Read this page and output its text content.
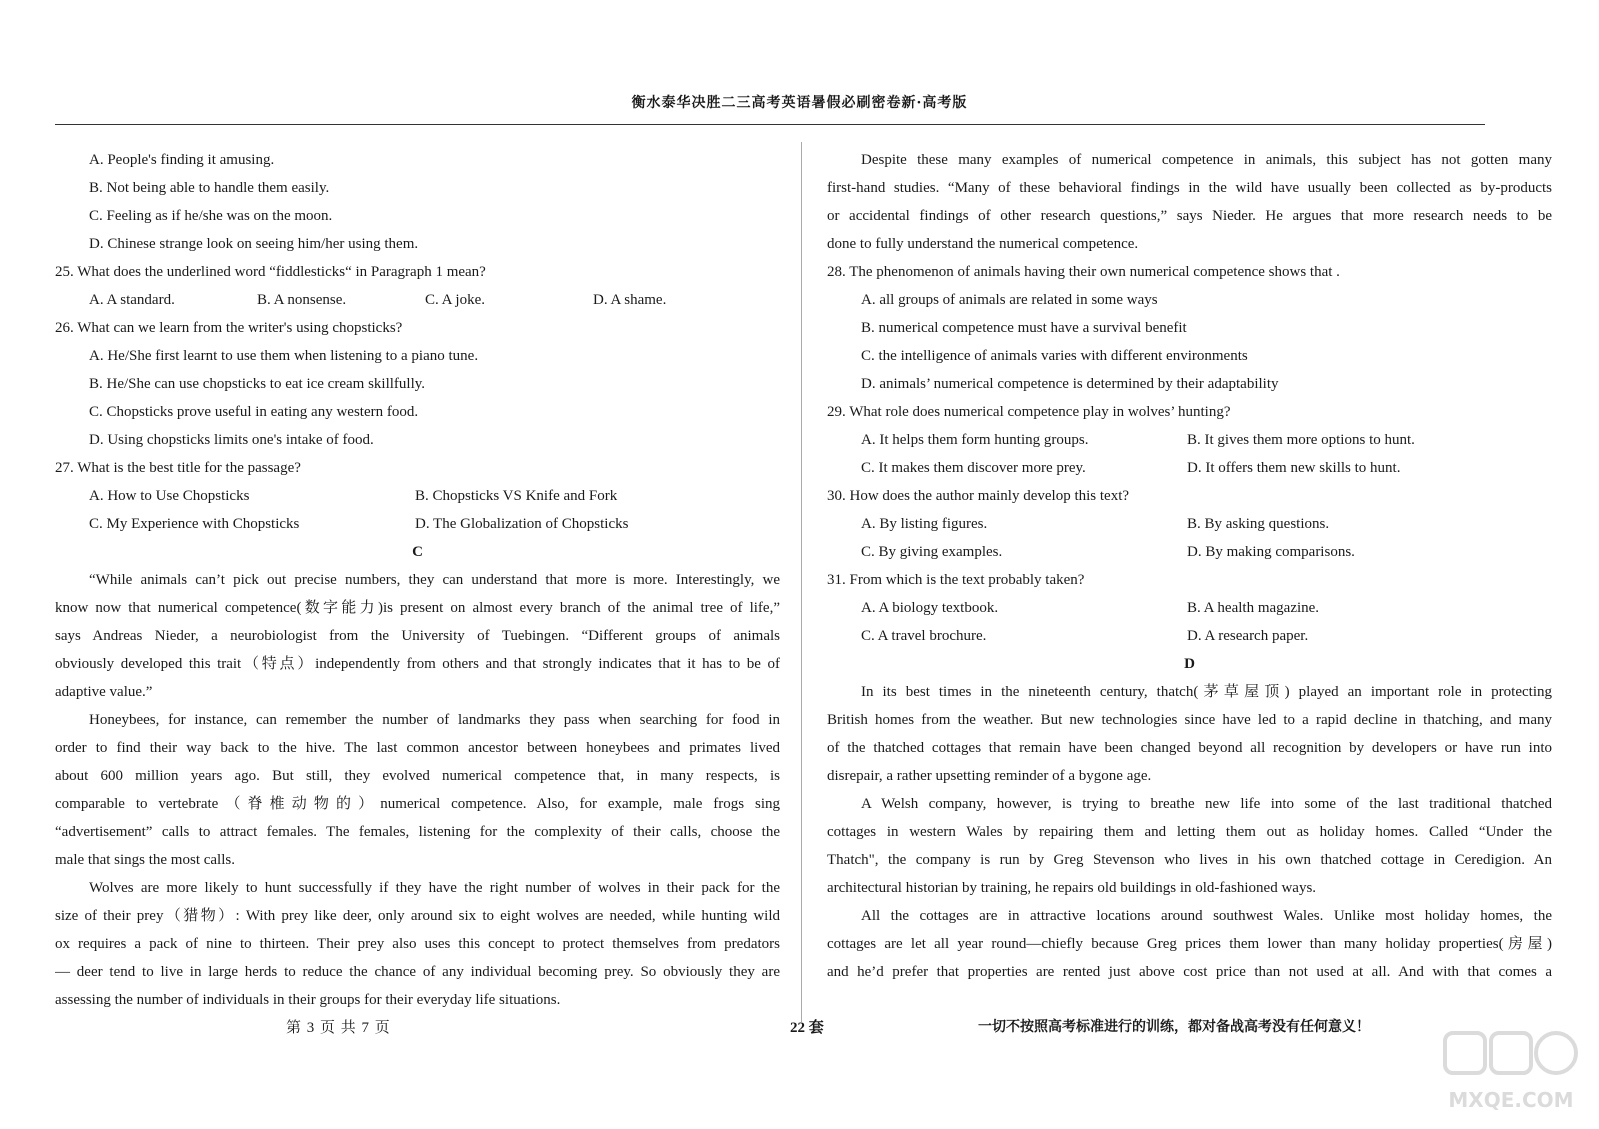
衡水泰华决胜二三高考英语暑假必刷密卷新·高考版
A. People's finding it amusing.
B. Not being able to handle them easily.
C. Feeling as if he/she was on the moon.
D. Chinese strange look on seeing him/her using them.
25. What does the underlined word “fiddlesticks“ in Paragraph 1 mean?
A. A standard.	B. A nonsense.	C. A joke.	D. A shame.
26. What can we learn from the writer's using chopsticks?
A. He/She first learnt to use them when listening to a piano tune.
B. He/She can use chopsticks to eat ice cream skillfully.
C. Chopsticks prove useful in eating any western food.
D. Using chopsticks limits one's intake of food.
27. What is the best title for the passage?
A. How to Use Chopsticks	B. Chopsticks VS Knife and Fork
C. My Experience with Chopsticks	D. The Globalization of Chopsticks
C
“While animals can’t pick out precise numbers, they can understand that more is more. Interestingly, we
know now that numerical competence(数字能力)is present on almost every branch of the animal tree of life,”
says Andreas Nieder, a neurobiologist from the University of Tuebingen. “Different groups of animals
obviously developed this trait（特点）independently from others and that strongly indicates that it has to be of
adaptive value.”
Honeybees, for instance, can remember the number of landmarks they pass when searching for food in
order to find their way back to the hive. The last common ancestor between honeybees and primates lived
about 600 million years ago. But still, they evolved numerical competence that, in many respects, is
comparable to vertebrate（脊椎动物的）numerical competence. Also, for example, male frogs sing
“advertisement” calls to attract females. The females, listening for the complexity of their calls, choose the
male that sings the most calls.
Wolves are more likely to hunt successfully if they have the right number of wolves in their pack for the
size of their prey（猎物）: With prey like deer, only around six to eight wolves are needed, while hunting wild
ox requires a pack of nine to thirteen. Their prey also uses this concept to protect themselves from predators
— deer tend to live in large herds to reduce the chance of any individual becoming prey. So obviously they are
assessing the number of individuals in their groups for their everyday life situations.
Despite these many examples of numerical competence in animals, this subject has not gotten many
first-hand studies. “Many of these behavioral findings in the wild have usually been collected as by-products
or accidental findings of other research questions,” says Nieder. He argues that more research needs to be
done to fully understand the numerical competence.
28. The phenomenon of animals having their own numerical competence shows that .
A. all groups of animals are related in some ways
B. numerical competence must have a survival benefit
C. the intelligence of animals varies with different environments
D. animals’ numerical competence is determined by their adaptability
29. What role does numerical competence play in wolves’ hunting?
A. It helps them form hunting groups.	B. It gives them more options to hunt.
C. It makes them discover more prey.	D. It offers them new skills to hunt.
30. How does the author mainly develop this text?
A. By listing figures.	B. By asking questions.
C. By giving examples.	D. By making comparisons.
31. From which is the text probably taken?
A. A biology textbook.	B. A health magazine.
C. A travel brochure.	D. A research paper.
D
In its best times in the nineteenth century, thatch(茅草屋顶) played an important role in protecting
British homes from the weather. But new technologies since have led to a rapid decline in thatching, and many
of the thatched cottages that remain have been changed beyond all recognition by developers or have run into
disrepair, a rather upsetting reminder of a bygone age.
A Welsh company, however, is trying to breathe new life into some of the last traditional thatched
cottages in western Wales by repairing them and letting them out as holiday homes. Called “Under the
Thatch", the company is run by Greg Stevenson who lives in his own thatched cottage in Ceredigion. An
architectural historian by training, he repairs old buildings in old-fashioned ways.
All the cottages are in attractive locations around southwest Wales. Unlike most holiday homes, the
cottages are let all year round—chiefly because Greg prices them lower than many holiday properties(房屋)
and he’d prefer that properties are rented just above cost price than not used at all. And with that comes a
第 3 页 共 7 页	22 套	一切不按照高考标准进行的训练，都对备战高考没有任何意义！
MXQE.COM
